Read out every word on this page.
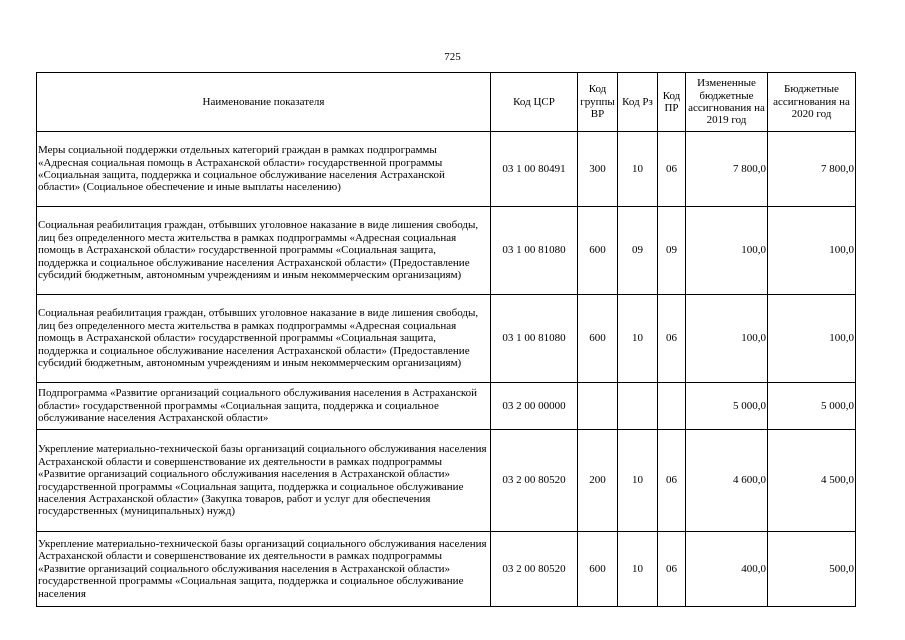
725
Наименование показателя	Код ЦСР	Код группы ВР	Код Рз	Код ПР	Измененные бюджетные ассигнования на 2019 год	Бюджетные ассигнования на 2020 год
Меры социальной поддержки отдельных категорий граждан в рамках подпрограммы «Адресная социальная помощь в Астраханской области» государственной программы «Социальная защита, поддержка и социальное обслуживание населения Астраханской области» (Социальное обеспечение и иные выплаты населению)	03 1 00 80491	300	10	06	7 800,0	7 800,0
Социальная реабилитация граждан, отбывших уголовное наказание в виде лишения свободы, лиц без определенного места жительства в рамках подпрограммы «Адресная социальная помощь в Астраханской области» государственной программы «Социальная защита, поддержка и социальное обслуживание населения Астраханской области» (Предоставление субсидий бюджетным, автономным учреждениям и иным некоммерческим организациям)	03 1 00 81080	600	09	09	100,0	100,0
Социальная реабилитация граждан, отбывших уголовное наказание в виде лишения свободы, лиц без определенного места жительства в рамках подпрограммы «Адресная социальная помощь в Астраханской области» государственной программы «Социальная защита, поддержка и социальное обслуживание населения Астраханской области» (Предоставление субсидий бюджетным, автономным учреждениям и иным некоммерческим организациям)	03 1 00 81080	600	10	06	100,0	100,0
Подпрограмма «Развитие организаций социального обслуживания населения в Астраханской области» государственной программы «Социальная защита, поддержка и социальное обслуживание населения Астраханской области»	03 2 00 00000				5 000,0	5 000,0
Укрепление материально-технической базы организаций социального обслуживания населения Астраханской области и совершенствование их деятельности в рамках подпрограммы «Развитие организаций социального обслуживания населения в Астраханской области» государственной программы «Социальная защита, поддержка и социальное обслуживание населения Астраханской области» (Закупка товаров, работ и услуг для обеспечения государственных (муниципальных) нужд)	03 2 00 80520	200	10	06	4 600,0	4 500,0
Укрепление материально-технической базы организаций социального обслуживания населения Астраханской области и совершенствование их деятельности в рамках подпрограммы «Развитие организаций социального обслуживания населения в Астраханской области» государственной программы «Социальная защита, поддержка и социальное обслуживание населения	03 2 00 80520	600	10	06	400,0	500,0
